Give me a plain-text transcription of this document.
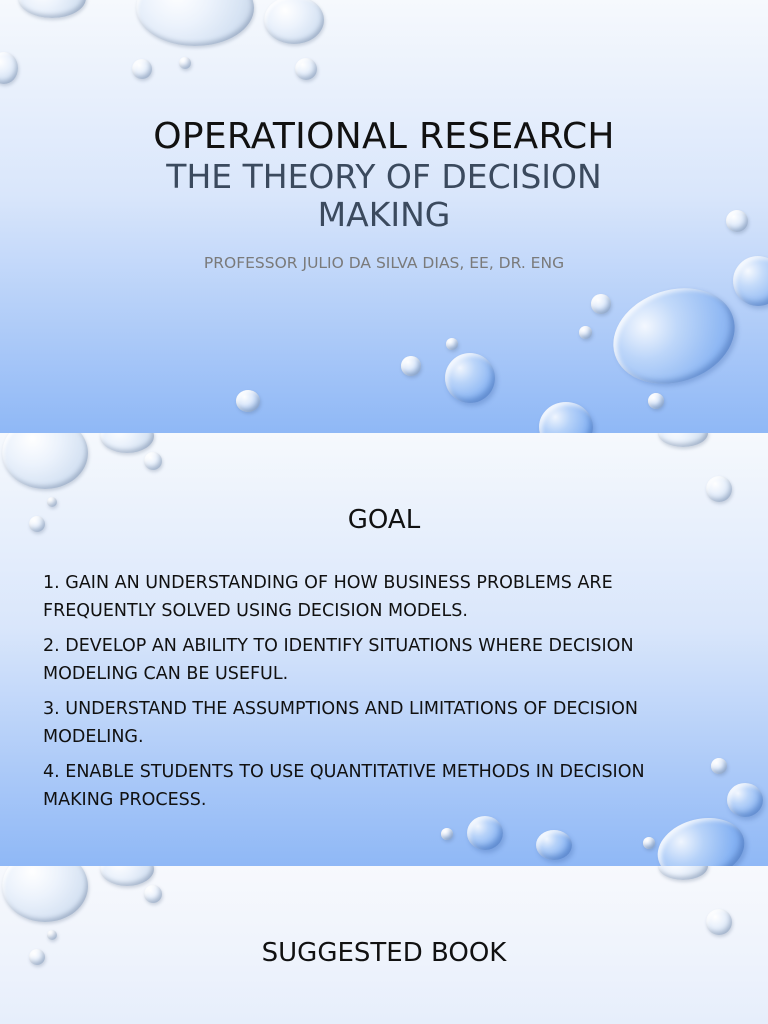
OPERATIONAL RESEARCH
THE THEORY OF DECISION MAKING
PROFESSOR JULIO DA SILVA DIAS, EE, DR. ENG
GOAL
1. GAIN AN UNDERSTANDING OF HOW BUSINESS PROBLEMS ARE FREQUENTLY SOLVED USING DECISION MODELS.
2. DEVELOP AN ABILITY TO IDENTIFY SITUATIONS WHERE DECISION MODELING CAN BE USEFUL.
3. UNDERSTAND THE ASSUMPTIONS AND LIMITATIONS OF DECISION MODELING.
4. ENABLE STUDENTS TO USE QUANTITATIVE METHODS IN DECISION MAKING PROCESS.
SUGGESTED BOOK
